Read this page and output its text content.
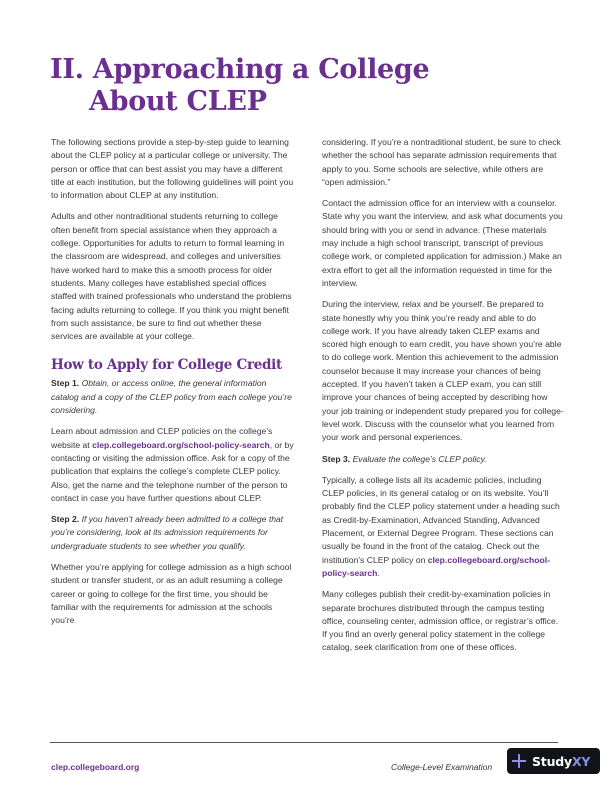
II. Approaching a College
About CLEP

The following sections provide a step-by-step guide to learning about the CLEP policy at a particular college or university. The person or office that can best assist you may have a different title at each institution, but the following guidelines will point you to information about CLEP at any institution.

Adults and other nontraditional students returning to college often benefit from special assistance when they approach a college. Opportunities for adults to return to formal learning in the classroom are widespread, and colleges and universities have worked hard to make this a smooth process for older students. Many colleges have established special offices staffed with trained professionals who understand the problems facing adults returning to college. If you think you might benefit from such assistance, be sure to find out whether these services are available at your college.

How to Apply for College Credit

Step 1. Obtain, or access online, the general information catalog and a copy of the CLEP policy from each college you’re considering.

Learn about admission and CLEP policies on the college’s website at clep.collegeboard.org/school-policy-search, or by contacting or visiting the admission office. Ask for a copy of the publication that explains the college’s complete CLEP policy. Also, get the name and the telephone number of the person to contact in case you have further questions about CLEP.

Step 2. If you haven’t already been admitted to a college that you’re considering, look at its admission requirements for undergraduate students to see whether you qualify.

Whether you’re applying for college admission as a high school student or transfer student, or as an adult resuming a college career or going to college for the first time, you should be familiar with the requirements for admission at the schools you’re

considering. If you’re a nontraditional student, be sure to check whether the school has separate admission requirements that apply to you. Some schools are selective, while others are “open admission.”

Contact the admission office for an interview with a counselor. State why you want the interview, and ask what documents you should bring with you or send in advance. (These materials may include a high school transcript, transcript of previous college work, or completed application for admission.) Make an extra effort to get all the information requested in time for the interview.

During the interview, relax and be yourself. Be prepared to state honestly why you think you’re ready and able to do college work. If you have already taken CLEP exams and scored high enough to earn credit, you have shown you’re able to do college work. Mention this achievement to the admission counselor because it may increase your chances of being accepted. If you haven’t taken a CLEP exam, you can still improve your chances of being accepted by describing how your job training or independent study prepared you for college-level work. Discuss with the counselor what you learned from your work and personal experiences.

Step 3. Evaluate the college’s CLEP policy.

Typically, a college lists all its academic policies, including CLEP policies, in its general catalog or on its website. You’ll probably find the CLEP policy statement under a heading such as Credit-by-Examination, Advanced Standing, Advanced Placement, or External Degree Program. These sections can usually be found in the front of the catalog. Check out the institution’s CLEP policy on clep.collegeboard.org/school-policy-search.

Many colleges publish their credit-by-examination policies in separate brochures distributed through the campus testing office, counseling center, admission office, or registrar’s office. If you find an overly general policy statement in the college catalog, seek clarification from one of these offices.

clep.collegeboard.org	College-Level Examination	StudyXY
